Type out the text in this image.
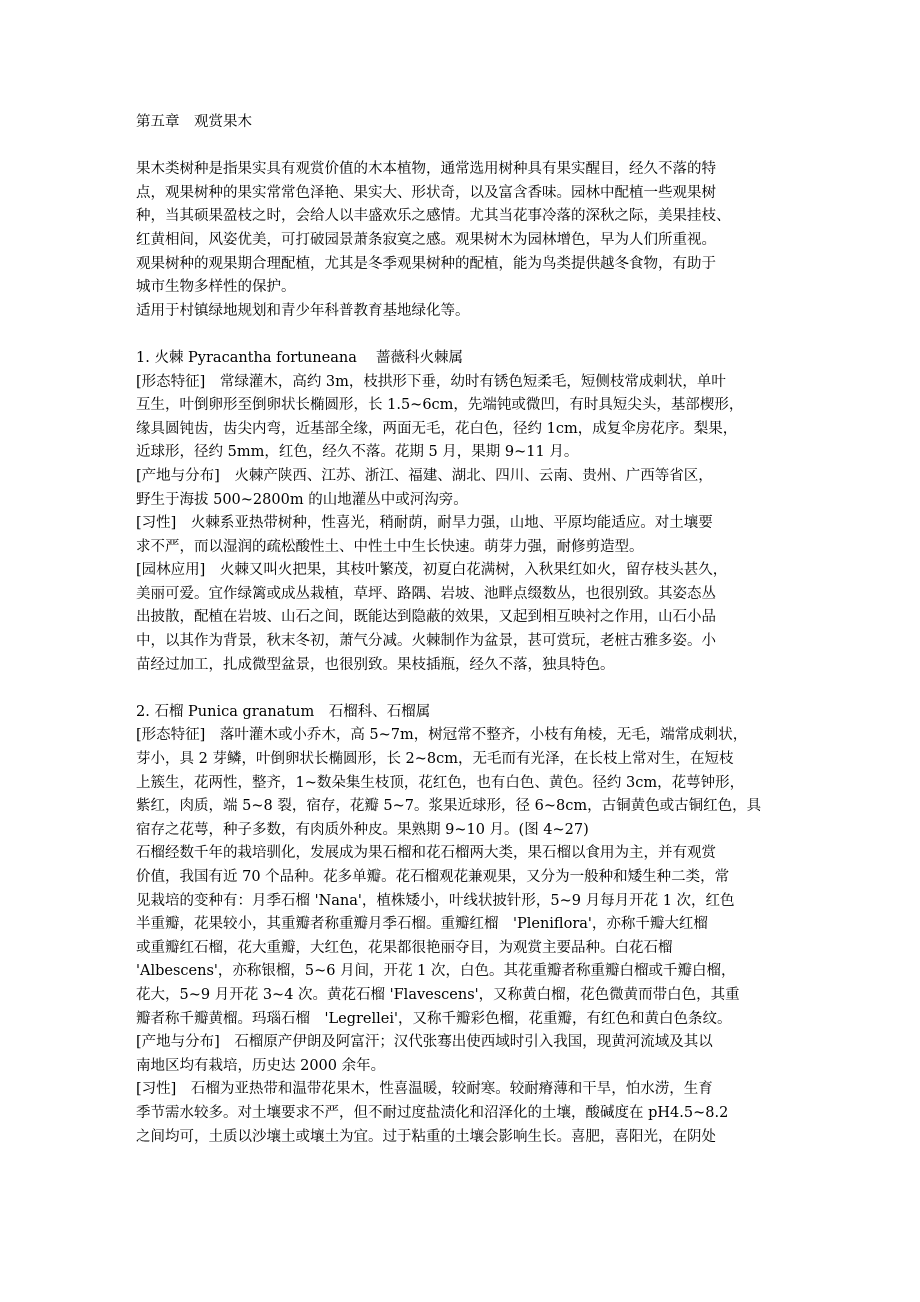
第五章　观赏果木

果木类树种是指果实具有观赏价值的木本植物，通常选用树种具有果实醒目，经久不落的特

点，观果树种的果实常常色泽艳、果实大、形状奇，以及富含香味。园林中配植一些观果树

种，当其硕果盈枝之时，会给人以丰盛欢乐之感情。尤其当花事冷落的深秋之际，美果挂枝、

红黄相间，风姿优美，可打破园景萧条寂寞之感。观果树木为园林增色，早为人们所重视。

观果树种的观果期合理配植，尤其是冬季观果树种的配植，能为鸟类提供越冬食物，有助于

城市生物多样性的保护。

适用于村镇绿地规划和青少年科普教育基地绿化等。

1. 火棘 Pyracantha fortuneana　 蔷薇科火棘属

[形态特征]　常绿灌木，高约 3m，枝拱形下垂，幼时有锈色短柔毛，短侧枝常成刺状，单叶

互生，叶倒卵形至倒卵状长椭圆形，长 1.5~6cm，先端钝或微凹，有时具短尖头，基部楔形，

缘具圆钝齿，齿尖内弯，近基部全缘，两面无毛，花白色，径约 1cm，成复伞房花序。梨果，

近球形，径约 5mm，红色，经久不落。花期 5 月，果期 9~11 月。

[产地与分布]　火棘产陕西、江苏、浙江、福建、湖北、四川、云南、贵州、广西等省区，

野生于海拔 500~2800m 的山地灌丛中或河沟旁。

[习性]　火棘系亚热带树种，性喜光，稍耐荫，耐旱力强，山地、平原均能适应。对土壤要

求不严，而以湿润的疏松酸性土、中性土中生长快速。萌芽力强，耐修剪造型。

[园林应用]　火棘又叫火把果，其枝叶繁茂，初夏白花满树，入秋果红如火，留存枝头甚久，

美丽可爱。宜作绿篱或成丛栽植，草坪、路隅、岩坡、池畔点缀数丛，也很别致。其姿态丛

出披散，配植在岩坡、山石之间，既能达到隐蔽的效果，又起到相互映衬之作用，山石小品

中，以其作为背景，秋末冬初，萧气分减。火棘制作为盆景，甚可赏玩，老桩古雅多姿。小

苗经过加工，扎成微型盆景，也很别致。果枝插瓶，经久不落，独具特色。

2. 石榴 Punica granatum　石榴科、石榴属

[形态特征]　落叶灌木或小乔木，高 5~7m，树冠常不整齐，小枝有角棱，无毛，端常成刺状，

芽小，具 2 芽鳞，叶倒卵状长椭圆形，长 2~8cm，无毛而有光泽，在长枝上常对生，在短枝

上簇生，花两性，整齐，1~数朵集生枝顶，花红色，也有白色、黄色。径约 3cm，花萼钟形，

紫红，肉质，端 5~8 裂，宿存，花瓣 5~7。浆果近球形，径 6~8cm，古铜黄色或古铜红色，具

宿存之花萼，种子多数，有肉质外种皮。果熟期 9~10 月。(图 4~27)

石榴经数千年的栽培驯化，发展成为果石榴和花石榴两大类，果石榴以食用为主，并有观赏

价值，我国有近 70 个品种。花多单瓣。花石榴观花兼观果，又分为一般种和矮生种二类，常

见栽培的变种有：月季石榴 'Nana'，植株矮小，叶线状披针形，5~9 月每月开花 1 次，红色

半重瓣，花果较小，其重瓣者称重瓣月季石榴。重瓣红榴　'Pleniflora'，亦称千瓣大红榴

或重瓣红石榴，花大重瓣，大红色，花果都很艳丽夺目，为观赏主要品种。白花石榴

'Albescens'，亦称银榴，5~6 月间，开花 1 次，白色。其花重瓣者称重瓣白榴或千瓣白榴，

花大，5~9 月开花 3~4 次。黄花石榴 'Flavescens'，又称黄白榴，花色微黄而带白色，其重

瓣者称千瓣黄榴。玛瑙石榴　'Legrellei'，又称千瓣彩色榴，花重瓣，有红色和黄白色条纹。

[产地与分布]　石榴原产伊朗及阿富汗；汉代张骞出使西域时引入我国，现黄河流域及其以

南地区均有栽培，历史达 2000 余年。

[习性]　石榴为亚热带和温带花果木，性喜温暖，较耐寒。较耐瘠薄和干旱，怕水涝，生育

季节需水较多。对土壤要求不严，但不耐过度盐渍化和沼泽化的土壤，酸碱度在 pH4.5~8.2

之间均可，土质以沙壤土或壤土为宜。过于粘重的土壤会影响生长。喜肥，喜阳光，在阴处
